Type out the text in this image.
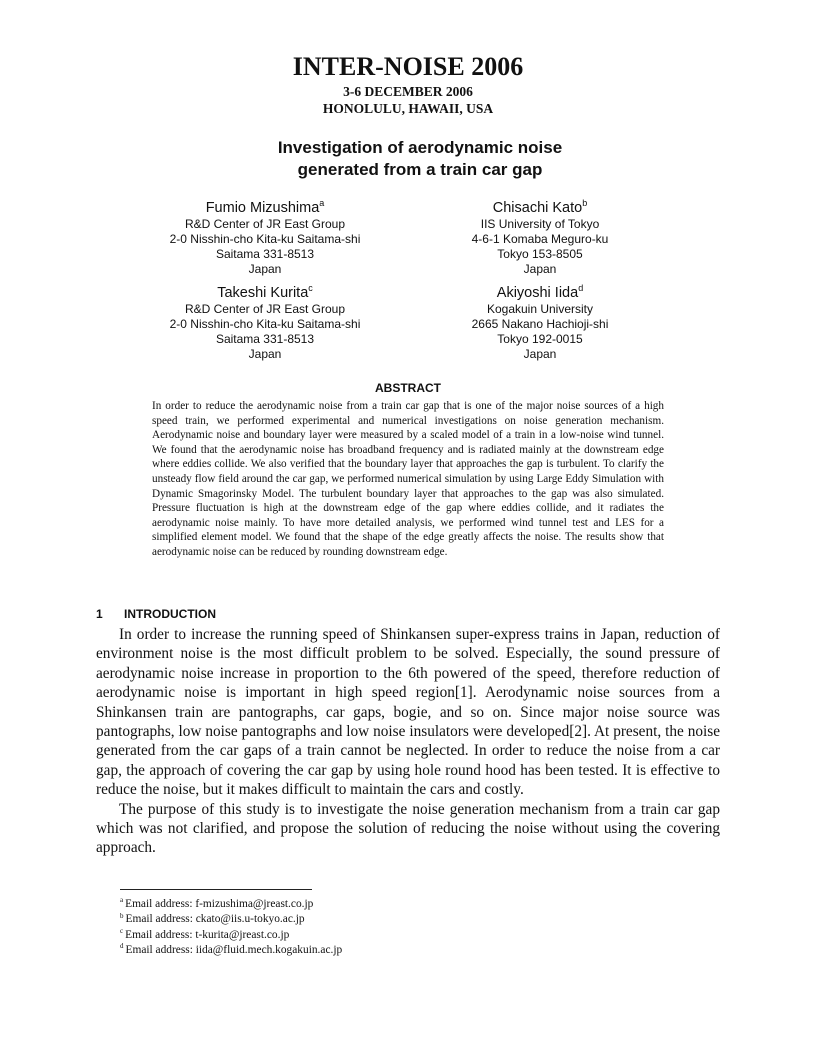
INTER-NOISE 2006
3-6 DECEMBER 2006
HONOLULU, HAWAII, USA
Investigation of aerodynamic noise
generated from a train car gap
Fumio Mizushima$^a$
R&D Center of JR East Group
2-0 Nisshin-cho Kita-ku Saitama-shi
Saitama 331-8513
Japan
Chisachi Kato$^b$
IIS University of Tokyo
4-6-1 Komaba Meguro-ku
Tokyo 153-8505
Japan
Takeshi Kurita$^c$
R&D Center of JR East Group
2-0 Nisshin-cho Kita-ku Saitama-shi
Saitama 331-8513
Japan
Akiyoshi Iida$^d$
Kogakuin University
2665 Nakano Hachioji-shi
Tokyo 192-0015
Japan
ABSTRACT

In order to reduce the aerodynamic noise from a train car gap that is one of the major noise sources of a high speed train, we performed experimental and numerical investigations on noise generation mechanism. Aerodynamic noise and boundary layer were measured by a scaled model of a train in a low-noise wind tunnel. We found that the aerodynamic noise has broadband frequency and is radiated mainly at the downstream edge where eddies collide. We also verified that the boundary layer that approaches the gap is turbulent. To clarify the unsteady flow field around the car gap, we performed numerical simulation by using Large Eddy Simulation with Dynamic Smagorinsky Model. The turbulent boundary layer that approaches to the gap was also simulated. Pressure fluctuation is high at the downstream edge of the gap where eddies collide, and it radiates the aerodynamic noise mainly. To have more detailed analysis, we performed wind tunnel test and LES for a simplified element model. We found that the shape of the edge greatly affects the noise. The results show that aerodynamic noise can be reduced by rounding downstream edge.

1 INTRODUCTION

In order to increase the running speed of Shinkansen super-express trains in Japan, reduction of environment noise is the most difficult problem to be solved. Especially, the sound pressure of aerodynamic noise increase in proportion to the 6th powered of the speed, therefore reduction of aerodynamic noise is important in high speed region[1]. Aerodynamic noise sources from a Shinkansen train are pantographs, car gaps, bogie, and so on. Since major noise source was pantographs, low noise pantographs and low noise insulators were developed[2]. At present, the noise generated from the car gaps of a train cannot be neglected. In order to reduce the noise from a car gap, the approach of covering the car gap by using hole round hood has been tested. It is effective to reduce the noise, but it makes difficult to maintain the cars and costly.

The purpose of this study is to investigate the noise generation mechanism from a train car gap which was not clarified, and propose the solution of reducing the noise without using the covering approach.

$^a$ Email address: f-mizushima@jreast.co.jp
$^b$ Email address: ckato@iis.u-tokyo.ac.jp
$^c$ Email address: t-kurita@jreast.co.jp
$^d$ Email address: iida@fluid.mech.kogakuin.ac.jp
